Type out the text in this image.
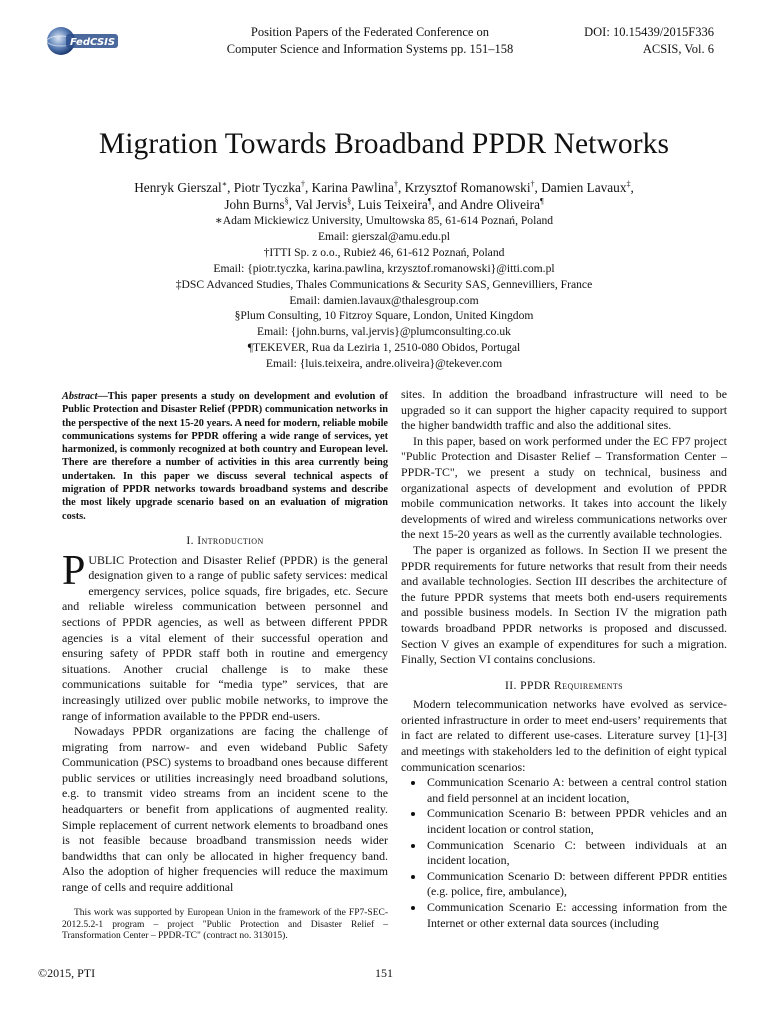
FedCSIS
Position Papers of the Federated Conference on
Computer Science and Information Systems pp. 151–158
DOI: 10.15439/2015F336
ACSIS, Vol. 6
Migration Towards Broadband PPDR Networks
Henryk Gierszal∗, Piotr Tyczka†, Karina Pawlina†, Krzysztof Romanowski†, Damien Lavaux‡,
John Burns§, Val Jervis§, Luis Teixeira¶, and Andre Oliveira¶
∗Adam Mickiewicz University, Umultowska 85, 61-614 Poznań, Poland
Email: gierszal@amu.edu.pl
†ITTI Sp. z o.o., Rubież 46, 61-612 Poznań, Poland
Email: {piotr.tyczka, karina.pawlina, krzysztof.romanowski}@itti.com.pl
‡DSC Advanced Studies, Thales Communications & Security SAS, Gennevilliers, France
Email: damien.lavaux@thalesgroup.com
§Plum Consulting, 10 Fitzroy Square, London, United Kingdom
Email: {john.burns, val.jervis}@plumconsulting.co.uk
¶TEKEVER, Rua da Leziria 1, 2510-080 Obidos, Portugal
Email: {luis.teixeira, andre.oliveira}@tekever.com
Abstract—This paper presents a study on development and evolution of Public Protection and Disaster Relief (PPDR) communication networks in the perspective of the next 15-20 years. A need for modern, reliable mobile communications systems for PPDR offering a wide range of services, yet harmonized, is commonly recognized at both country and European level. There are therefore a number of activities in this area currently being undertaken. In this paper we discuss several technical aspects of migration of PPDR networks towards broadband systems and describe the most likely upgrade scenario based on an evaluation of migration costs.
I. Introduction

PUBLIC Protection and Disaster Relief (PPDR) is the general designation given to a range of public safety services: medical emergency services, police squads, fire brigades, etc. Secure and reliable wireless communication between personnel and sections of PPDR agencies, as well as between different PPDR agencies is a vital element of their successful operation and ensuring safety of PPDR staff both in routine and emergency situations. Another crucial challenge is to make these communications suitable for “media type” services, that are increasingly utilized over public mobile networks, to improve the range of information available to the PPDR end-users.

Nowadays PPDR organizations are facing the challenge of migrating from narrow- and even wideband Public Safety Communication (PSC) systems to broadband ones because different public services or utilities increasingly need broadband solutions, e.g. to transmit video streams from an incident scene to the headquarters or benefit from applications of augmented reality. Simple replacement of current network elements to broadband ones is not feasible because broadband transmission needs wider bandwidths that can only be allocated in higher frequency band. Also the adoption of higher frequencies will reduce the maximum range of cells and require additional

sites. In addition the broadband infrastructure will need to be upgraded so it can support the higher capacity required to support the higher bandwidth traffic and also the additional sites.

In this paper, based on work performed under the EC FP7 project "Public Protection and Disaster Relief – Transformation Center – PPDR-TC", we present a study on technical, business and organizational aspects of development and evolution of PPDR mobile communication networks. It takes into account the likely developments of wired and wireless communications networks over the next 15-20 years as well as the currently available technologies.

The paper is organized as follows. In Section II we present the PPDR requirements for future networks that result from their needs and available technologies. Section III describes the architecture of the future PPDR systems that meets both end-users requirements and possible business models. In Section IV the migration path towards broadband PPDR networks is proposed and discussed. Section V gives an example of expenditures for such a migration. Finally, Section VI contains conclusions.

II. PPDR Requirements

Modern telecommunication networks have evolved as service-oriented infrastructure in order to meet end-users’ requirements that in fact are related to different use-cases. Literature survey [1]-[3] and meetings with stakeholders led to the definition of eight typical communication scenarios:

• Communication Scenario A: between a central control station and field personnel at an incident location,
• Communication Scenario B: between PPDR vehicles and an incident location or control station,
• Communication Scenario C: between individuals at an incident location,
• Communication Scenario D: between different PPDR entities (e.g. police, fire, ambulance),
• Communication Scenario E: accessing information from the Internet or other external data sources (including
This work was supported by European Union in the framework of the FP7-SEC-2012.5.2-1 program – project "Public Protection and Disaster Relief – Transformation Center – PPDR-TC" (contract no. 313015).
©2015, PTI	151
